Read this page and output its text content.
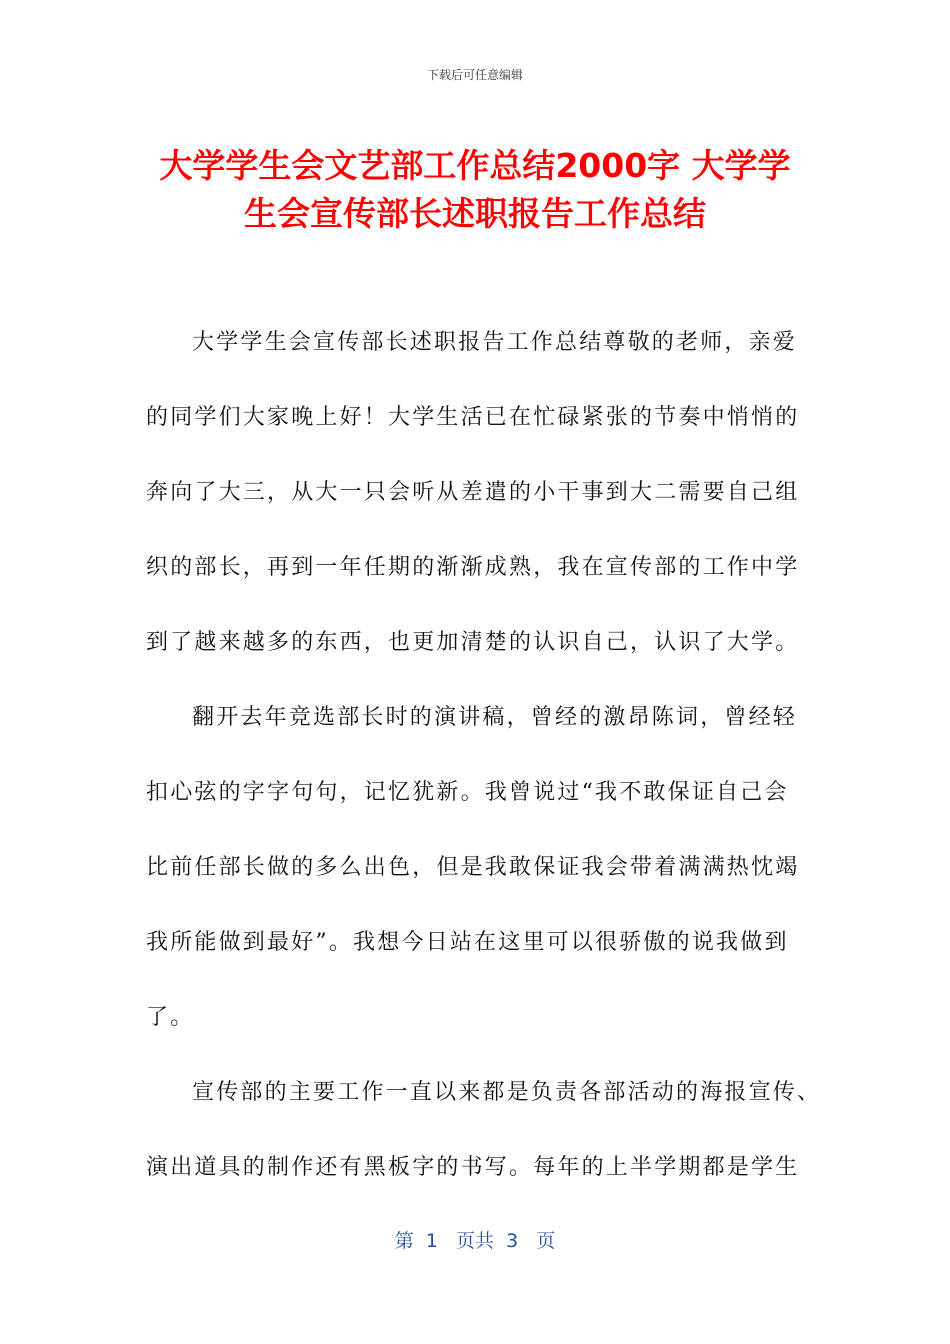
下载后可任意编辑
大学学生会文艺部工作总结2000字 大学学
生会宣传部长述职报告工作总结
大学学生会宣传部长述职报告工作总结尊敬的老师，亲爱
的同学们大家晚上好！大学生活已在忙碌紧张的节奏中悄悄的
奔向了大三，从大一只会听从差遣的小干事到大二需要自己组
织的部长，再到一年任期的渐渐成熟，我在宣传部的工作中学
到了越来越多的东西，也更加清楚的认识自己，认识了大学。
翻开去年竞选部长时的演讲稿，曾经的激昂陈词，曾经轻
扣心弦的字字句句，记忆犹新。我曾说过“我不敢保证自己会
比前任部长做的多么出色，但是我敢保证我会带着满满热忱竭
我所能做到最好”。我想今日站在这里可以很骄傲的说我做到
了。
宣传部的主要工作一直以来都是负责各部活动的海报宣传、
演出道具的制作还有黑板字的书写。每年的上半学期都是学生
第  1   页共  3   页
